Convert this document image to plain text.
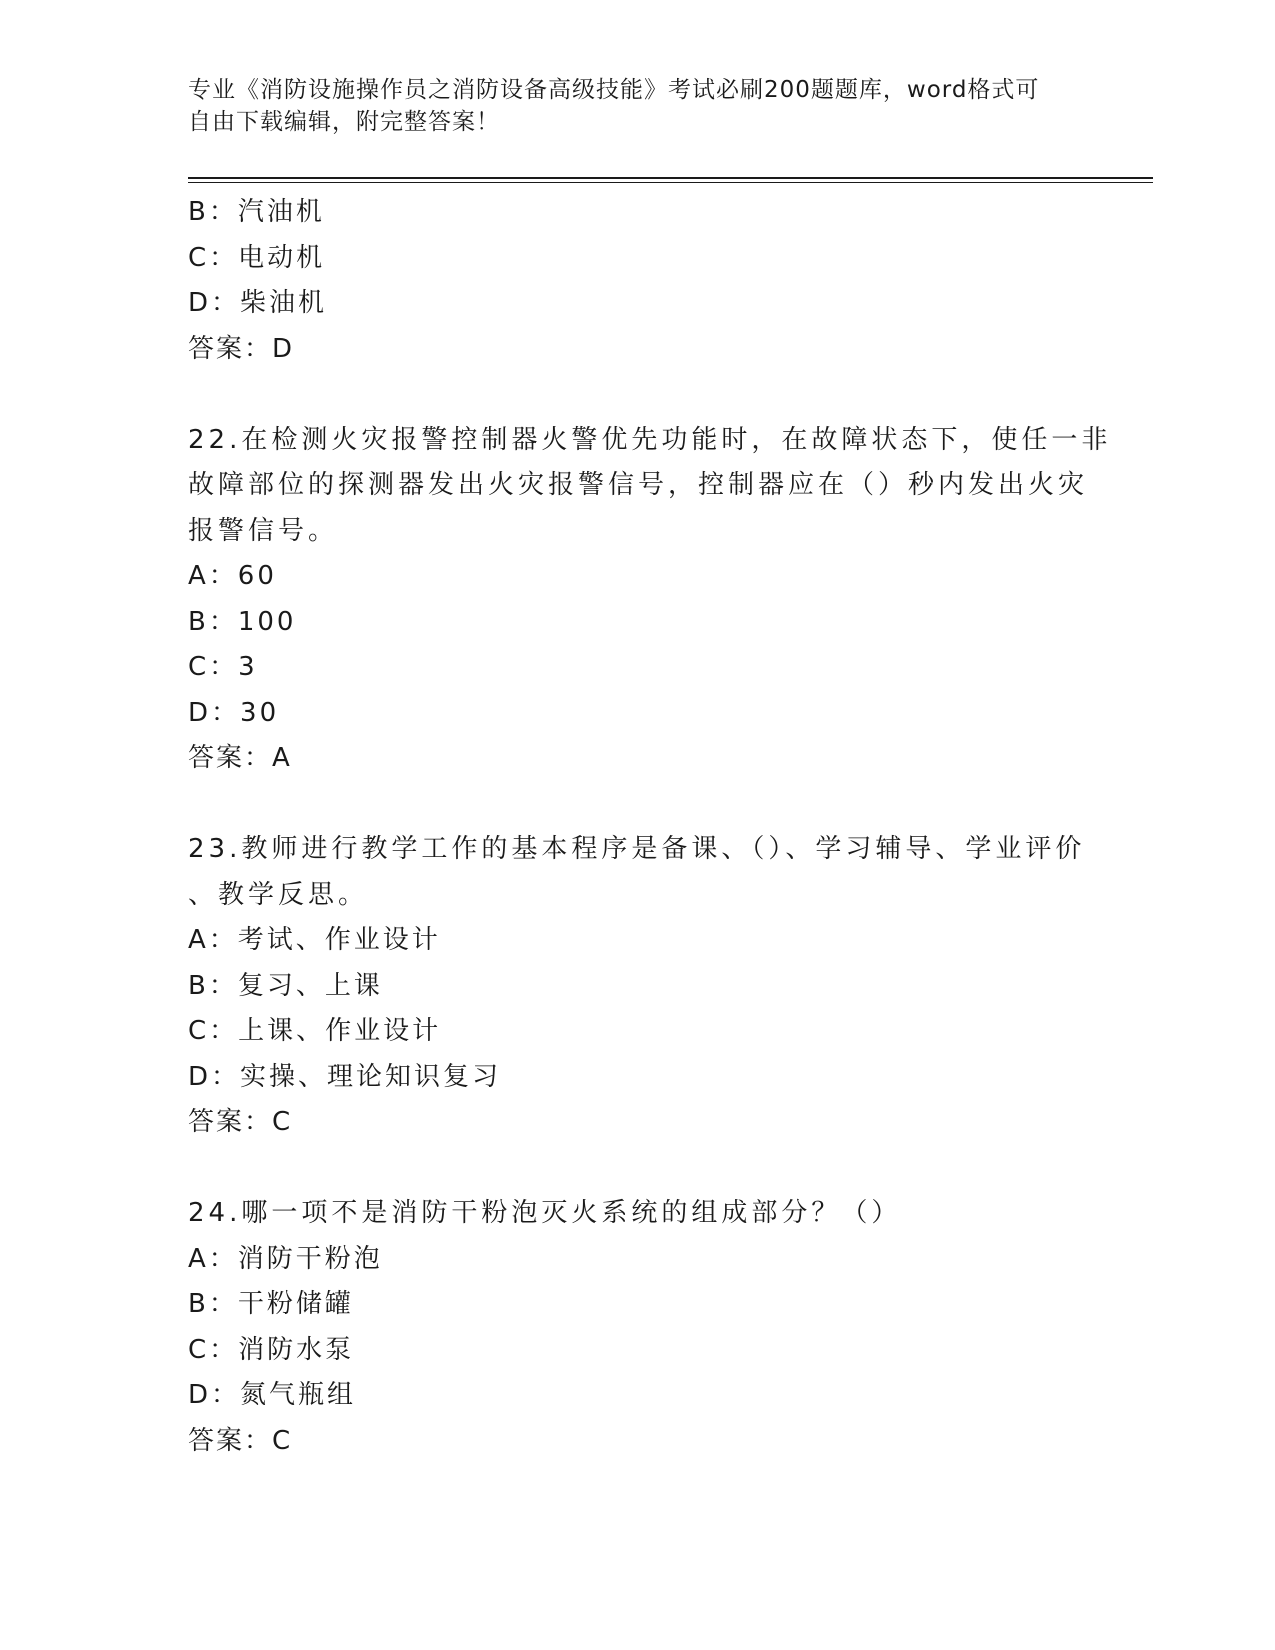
专业《消防设施操作员之消防设备高级技能》考试必刷200题题库，word格式可
自由下载编辑，附完整答案！
B：汽油机
C：电动机
D：柴油机
答案：D
22.在检测火灾报警控制器火警优先功能时，在故障状态下，使任一非
故障部位的探测器发出火灾报警信号，控制器应在（）秒内发出火灾
报警信号。
A：60
B：100
C：3
D：30
答案：A
23.教师进行教学工作的基本程序是备课、（）、学习辅导、学业评价
、教学反思。
A：考试、作业设计
B：复习、上课
C：上课、作业设计
D：实操、理论知识复习
答案：C
24.哪一项不是消防干粉泡灭火系统的组成部分？（）
A：消防干粉泡
B：干粉储罐
C：消防水泵
D：氮气瓶组
答案：C
